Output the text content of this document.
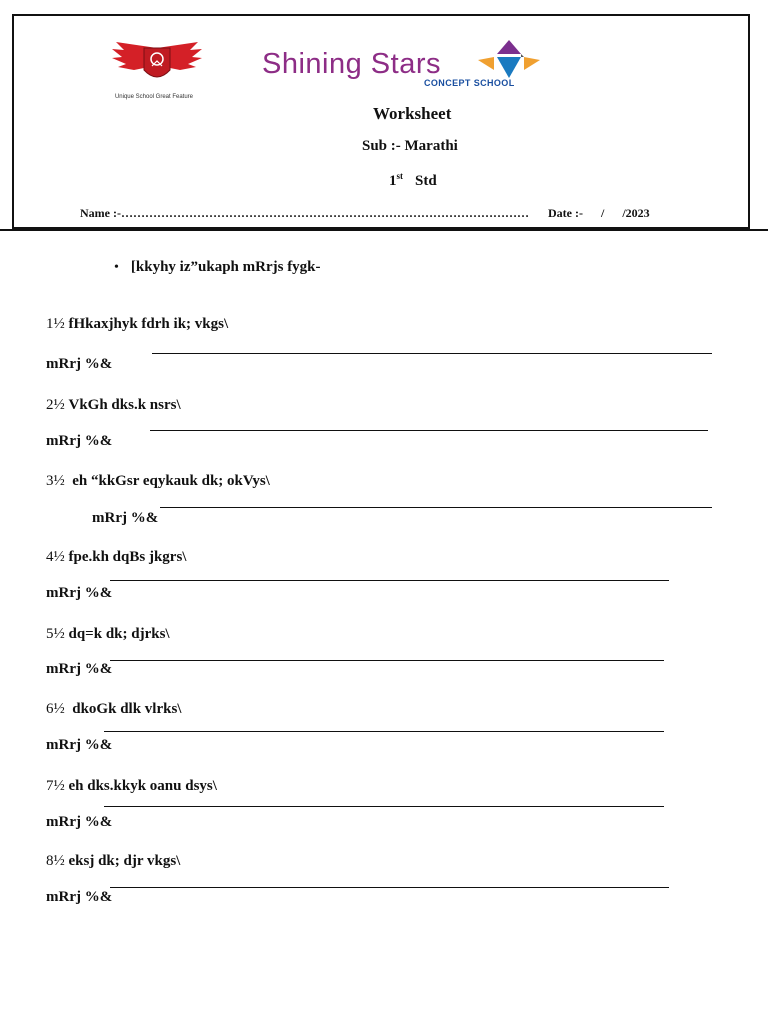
Unique School Great Feature
Shining Stars
CONCEPT SCHOOL
Worksheet
Sub :- Marathi
1st Std
Name :-………………………………………………………………………………………… Date :- / /2023
• [kkyhy iz”ukaph mRrjs fygk-
1½ fHkaxjhyk fdrh ik; vkgs\
mRrj %&
2½ VkGh dks.k nsrs\
mRrj %&
3½ eh “kkGsr eqykauk dk; okVys\
mRrj %&
4½ fpe.kh dqBs jkgrs\
mRrj %&
5½ dq=k dk; djrks\
mRrj %&
6½ dkoGk dlk vlrks\
mRrj %&
7½ eh dks.kkyk oanu dsys\
mRrj %&
8½ eksj dk; djr vkgs\
mRrj %&
